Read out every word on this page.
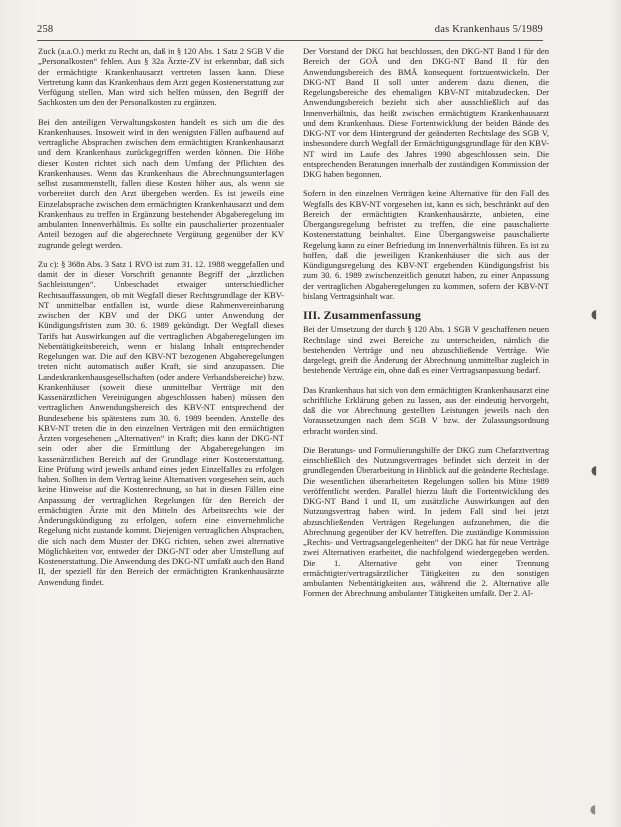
258	das Krankenhaus 5/1989

Zuck (a.a.O.) merkt zu Recht an, daß in § 120 Abs. 1 Satz 2 SGB V die „Personalkosten“ fehlen. Aus § 32a Ärzte-ZV ist erkennbar, daß sich der ermächtigte Krankenhausarzt vertreten lassen kann. Diese Vertretung kann das Krankenhaus dem Arzt gegen Kostenerstattung zur Verfügung stellen. Man wird sich helfen müssen, den Begriff der Sachkosten um den der Personalkosten zu ergänzen.

Bei den anteiligen Verwaltungskosten handelt es sich um die des Krankenhauses. Insoweit wird in den wenigsten Fällen aufbauend auf vertragliche Absprachen zwischen dem ermächtigten Krankenhausarzt und dem Krankenhaus zurückgegriffen werden können. Die Höhe dieser Kosten richtet sich nach dem Umfang der Pflichten des Krankenhauses. Wenn das Krankenhaus die Abrechnungsunterlagen selbst zusammenstellt, fallen diese Kosten höher aus, als wenn sie vorbereitet durch den Arzt übergeben werden. Es ist jeweils eine Einzelabsprache zwischen dem ermächtigten Krankenhausarzt und dem Krankenhaus zu treffen in Ergänzung bestehender Abgaberegelung im ambulanten Innenverhältnis. Es sollte ein pauschalierter prozentualer Anteil bezogen auf die abgerechnete Vergütung gegenüber der KV zugrunde gelegt werden.

Zu c): § 368n Abs. 3 Satz 1 RVO ist zum 31. 12. 1988 weggefallen und damit der in dieser Vorschrift genannte Begriff der „ärztlichen Sachleistungen“. Unbeschadet etwaiger unterschiedlicher Rechtsauffassungen, ob mit Wegfall dieser Rechtsgrundlage der KBV-NT unmittelbar entfallen ist, wurde diese Rahmenvereinbarung zwischen der KBV und der DKG unter Anwendung der Kündigungsfristen zum 30. 6. 1989 gekündigt. Der Wegfall dieses Tarifs hat Auswirkungen auf die vertraglichen Abgaberegelungen im Nebentätigkeitsbereich, wenn er bislang Inhalt entsprechender Regelungen war. Die auf den KBV-NT bezogenen Abgaberegelungen treten nicht automatisch außer Kraft, sie sind anzupassen. Die Landeskrankenhausgesellschaften (oder andere Verbandsbereiche) bzw. Krankenhäuser (soweit diese unmittelbar Verträge mit den Kassenärztlichen Vereinigungen abgeschlossen haben) müssen den vertraglichen Anwendungsbereich des KBV-NT entsprechend der Bundesebene bis spätestens zum 30. 6. 1989 beenden. Anstelle des KBV-NT treten die in den einzelnen Verträgen mit den ermächtigten Ärzten vorgesehenen „Alternativen“ in Kraft; dies kann der DKG-NT sein oder aber die Ermittlung der Abgaberegelungen im kassenärztlichen Bereich auf der Grundlage einer Kostenerstattung. Eine Prüfung wird jeweils anhand eines jeden Einzelfalles zu erfolgen haben. Sollten in dem Vertrag keine Alternativen vorgesehen sein, auch keine Hinweise auf die Kostenrechnung, so hat in diesen Fällen eine Anpassung der vertraglichen Regelungen für den Bereich der ermächtigten Ärzte mit den Mitteln des Arbeitsrechts wie der Änderungskündigung zu erfolgen, sofern eine einvernehmliche Regelung nicht zustande kommt. Diejenigen vertraglichen Absprachen, die sich nach dem Muster der DKG richten, sehen zwei alternative Möglichkeiten vor, entweder der DKG-NT oder aber Umstellung auf Kostenerstattung. Die Anwendung des DKG-NT umfaßt auch den Band II, der speziell für den Bereich der ermächtigten Krankenhausärzte Anwendung findet.

Der Vorstand der DKG hat beschlossen, den DKG-NT Band I für den Bereich der GOÄ und den DKG-NT Band II für den Anwendungsbereich des BMÄ konsequent fortzuentwickeln. Der DKG-NT Band II soll unter anderem dazu dienen, die Regelungsbereiche des ehemaligen KBV-NT mitabzudecken. Der Anwendungsbereich bezieht sich aber ausschließlich auf das Innenverhältnis, das heißt zwischen ermächtigtem Krankenhausarzt und dem Krankenhaus. Diese Fortentwicklung der beiden Bände des DKG-NT vor dem Hintergrund der geänderten Rechtslage des SGB V, insbesondere durch Wegfall der Ermächtigungsgrundlage für den KBV-NT wird im Laufe des Jahres 1990 abgeschlossen sein. Die entsprechenden Beratungen innerhalb der zuständigen Kommission der DKG haben begonnen.

Sofern in den einzelnen Verträgen keine Alternative für den Fall des Wegfalls des KBV-NT vorgesehen ist, kann es sich, beschränkt auf den Bereich der ermächtigten Krankenhausärzte, anbieten, eine Übergangsregelung befristet zu treffen, die eine pauschalierte Kostenerstattung beinhaltet. Eine Übergangsweise pauschalierte Regelung kann zu einer Befriedung im Innenverhältnis führen. Es ist zu hoffen, daß die jeweiligen Krankenhäuser die sich aus der Kündigungsregelung des KBV-NT ergebenden Kündigungsfrist bis zum 30. 6. 1989 zwischenzeitlich genutzt haben, zu einer Anpassung der vertraglichen Abgaberegelungen zu kommen, sofern der KBV-NT bislang Vertragsinhalt war.

III. Zusammenfassung

Bei der Umsetzung der durch § 120 Abs. 1 SGB V geschaffenen neuen Rechtslage sind zwei Bereiche zu unterscheiden, nämlich die bestehenden Verträge und neu abzuschließende Verträge. Wie dargelegt, greift die Änderung der Abrechnung unmittelbar zugleich in bestehende Verträge ein, ohne daß es einer Vertragsanpassung bedarf.

Das Krankenhaus hat sich von dem ermächtigten Krankenhausarzt eine schriftliche Erklärung geben zu lassen, aus der eindeutig hervorgeht, daß die vor Abrechnung gestellten Leistungen jeweils nach den Voraussetzungen nach dem SGB V bzw. der Zulassungsordnung erbracht worden sind.

Die Beratungs- und Formulierungshilfe der DKG zum Chefarztvertrag einschließlich des Nutzungsvertrages befindet sich derzeit in der grundlegenden Überarbeitung in Hinblick auf die geänderte Rechtslage. Die wesentlichen überarbeiteten Regelungen sollen bis Mitte 1989 veröffentlicht werden. Parallel hierzu läuft die Fortentwicklung des DKG-NT Band I und II, um zusätzliche Auswirkungen auf den Nutzungsvertrag haben wird. In jedem Fall sind bei jetzt abzuschließenden Verträgen Regelungen aufzunehmen, die die Abrechnung gegenüber der KV betreffen. Die zuständige Kommission „Rechts- und Vertragsangelegenheiten“ der DKG hat für neue Verträge zwei Alternativen erarbeitet, die nachfolgend wiedergegeben werden. Die 1. Alternative geht von einer Trennung ermächtigter/vertragsärztlicher Tätigkeiten zu den sonstigen ambulanten Nebentätigkeiten aus, während die 2. Alternative alle Formen der Abrechnung ambulanter Tätigkeiten umfaßt. Der 2. Al-

◖
◖
◖
